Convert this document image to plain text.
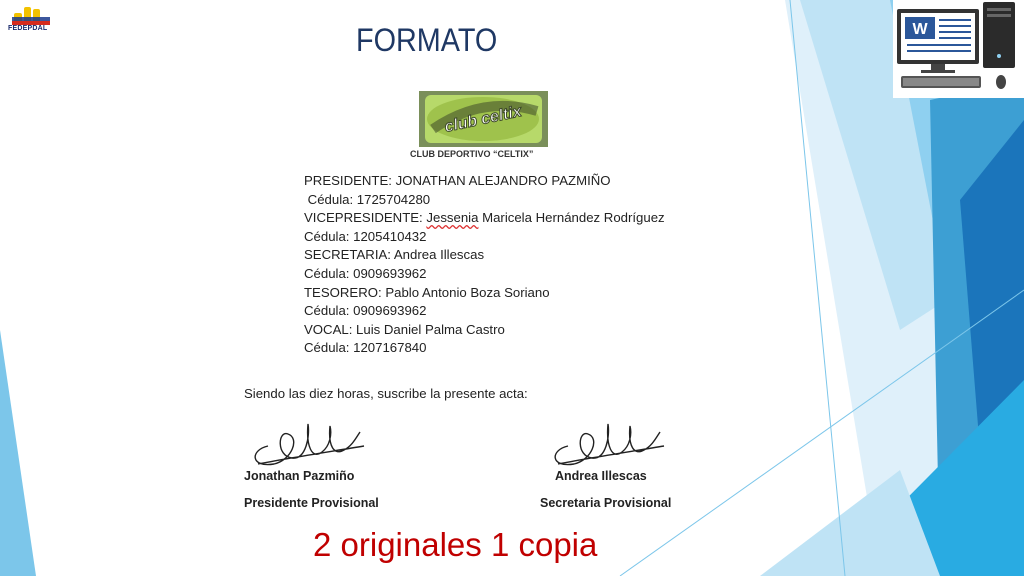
FEDEPDAL	FORMATO	W
club celtix
CLUB DEPORTIVO “CELTIX”
PRESIDENTE: JONATHAN ALEJANDRO PAZMIÑO
Cédula: 1725704280
VICEPRESIDENTE: Jessenia Maricela Hernández Rodríguez
Cédula: 1205410432
SECRETARIA: Andrea Illescas
Cédula: 0909693962
TESORERO: Pablo Antonio Boza Soriano
Cédula: 0909693962
VOCAL: Luis Daniel Palma Castro
Cédula: 1207167840
Siendo las diez horas, suscribe la presente acta:
Jonathan Pazmiño
Presidente Provisional
Andrea Illescas
Secretaria Provisional
2 originales 1 copia
